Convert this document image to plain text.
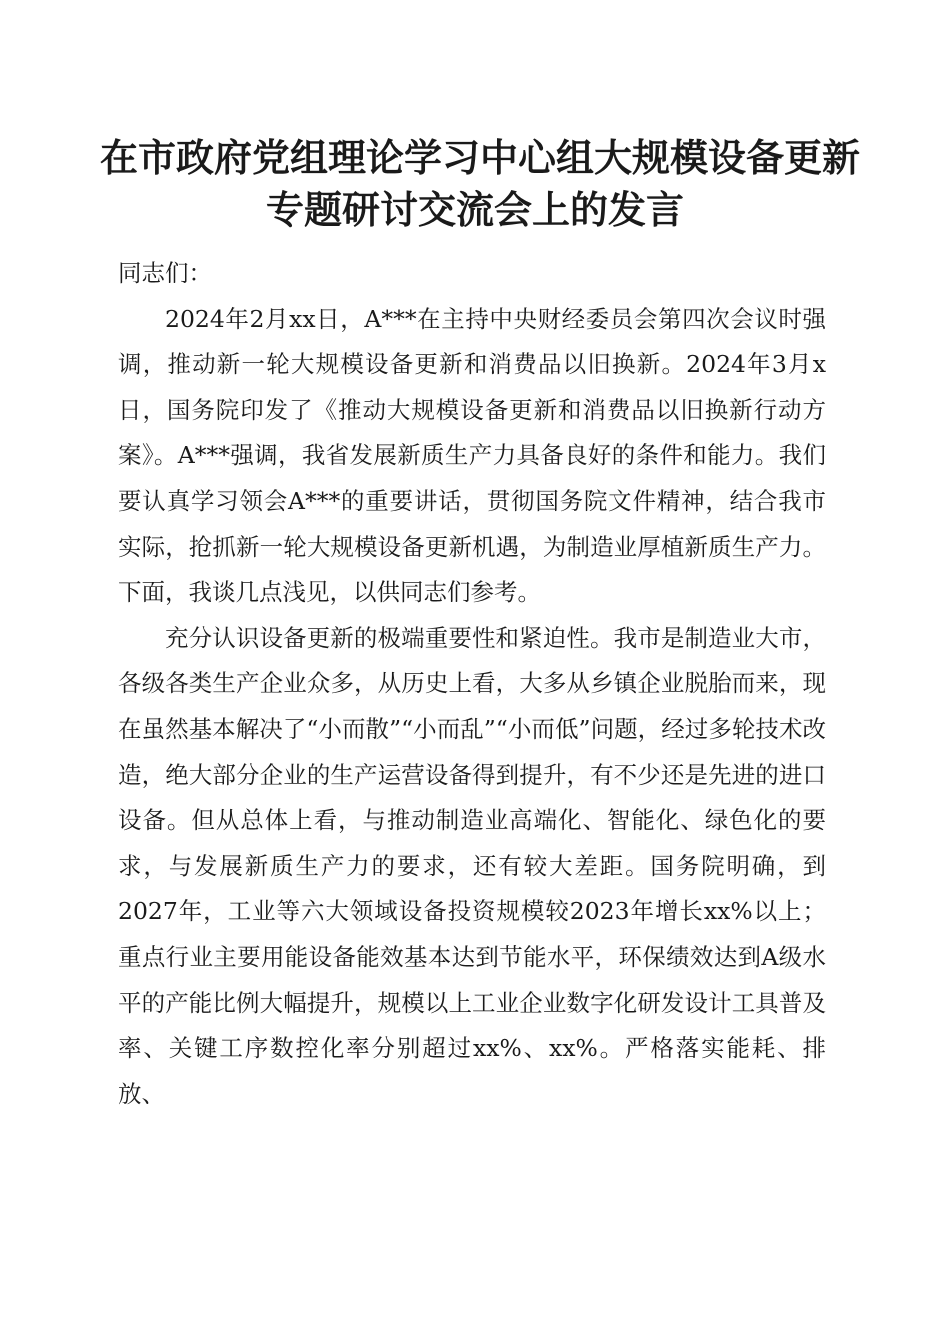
在市政府党组理论学习中心组大规模设备更新
专题研讨交流会上的发言

同志们：

2024年2月xx日，A***在主持中央财经委员会第四次会议时强调，推动新一轮大规模设备更新和消费品以旧换新。2024年3月x日，国务院印发了《推动大规模设备更新和消费品以旧换新行动方案》。A***强调，我省发展新质生产力具备良好的条件和能力。我们要认真学习领会A***的重要讲话，贯彻国务院文件精神，结合我市实际，抢抓新一轮大规模设备更新机遇，为制造业厚植新质生产力。下面，我谈几点浅见，以供同志们参考。

充分认识设备更新的极端重要性和紧迫性。我市是制造业大市，各级各类生产企业众多，从历史上看，大多从乡镇企业脱胎而来，现在虽然基本解决了“小而散”“小而乱”“小而低”问题，经过多轮技术改造，绝大部分企业的生产运营设备得到提升，有不少还是先进的进口设备。但从总体上看，与推动制造业高端化、智能化、绿色化的要求，与发展新质生产力的要求，还有较大差距。国务院明确，到2027年，工业等六大领域设备投资规模较2023年增长xx%以上；重点行业主要用能设备能效基本达到节能水平，环保绩效达到A级水平的产能比例大幅提升，规模以上工业企业数字化研发设计工具普及率、关键工序数控化率分别超过xx%、xx%。严格落实能耗、排放、
